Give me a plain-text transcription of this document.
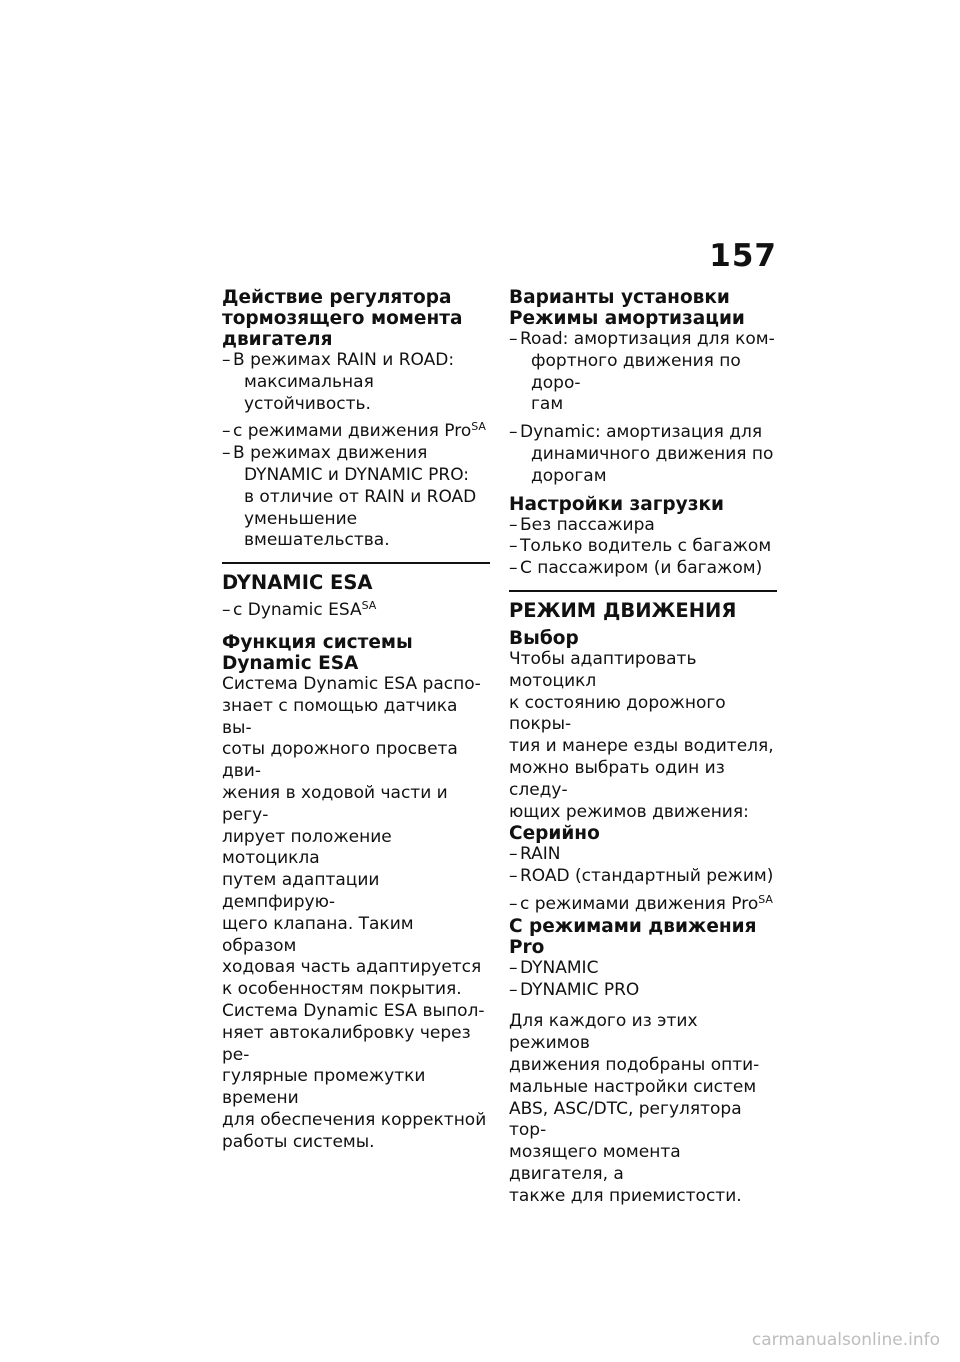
157
Действие регулятора
тормозящего момента
двигателя
– В режимах RAIN и ROAD:
максимальная устойчивость.
– с режимами движения Pro$^{SA}$
– В режимах движения
DYNAMIC и DYNAMIC PRO:
в отличие от RAIN и ROAD
уменьшение вмешательства.
DYNAMIC ESA
– с Dynamic $ESA^{SA}$
Функция системы
Dynamic ESA
Система Dynamic ESA распо-
знает с помощью датчика вы-
соты дорожного просвета дви-
жения в ходовой части и регу-
лирует положение мотоцикла
путем адаптации демпфирую-
щего клапана. Таким образом
ходовая часть адаптируется
к особенностям покрытия.
Система Dynamic ESA выпол-
няет автокалибровку через ре-
гулярные промежутки времени
для обеспечения корректной
работы системы.
Варианты установки
Режимы амортизации
– Road: амортизация для ком-
фортного движения по доро-
гам
– Dynamic: амортизация для
динамичного движения по
дорогам
Настройки загрузки
– Без пассажира
– Только водитель с багажом
– С пассажиром (и багажом)
РЕЖИМ ДВИЖЕНИЯ
Выбор
Чтобы адаптировать мотоцикл
к состоянию дорожного покры-
тия и манере езды водителя,
можно выбрать один из следу-
ющих режимов движения:
Серийно
– RAIN
– ROAD (стандартный режим)
– с режимами движения Pro$^{SA}$
С режимами движения Pro
– DYNAMIC
– DYNAMIC PRO
Для каждого из этих режимов
движения подобраны опти-
мальные настройки систем
ABS, ASC/DTC, регулятора тор-
мозящего момента двигателя, а
также для приемистости.
carmanualsonline.info
